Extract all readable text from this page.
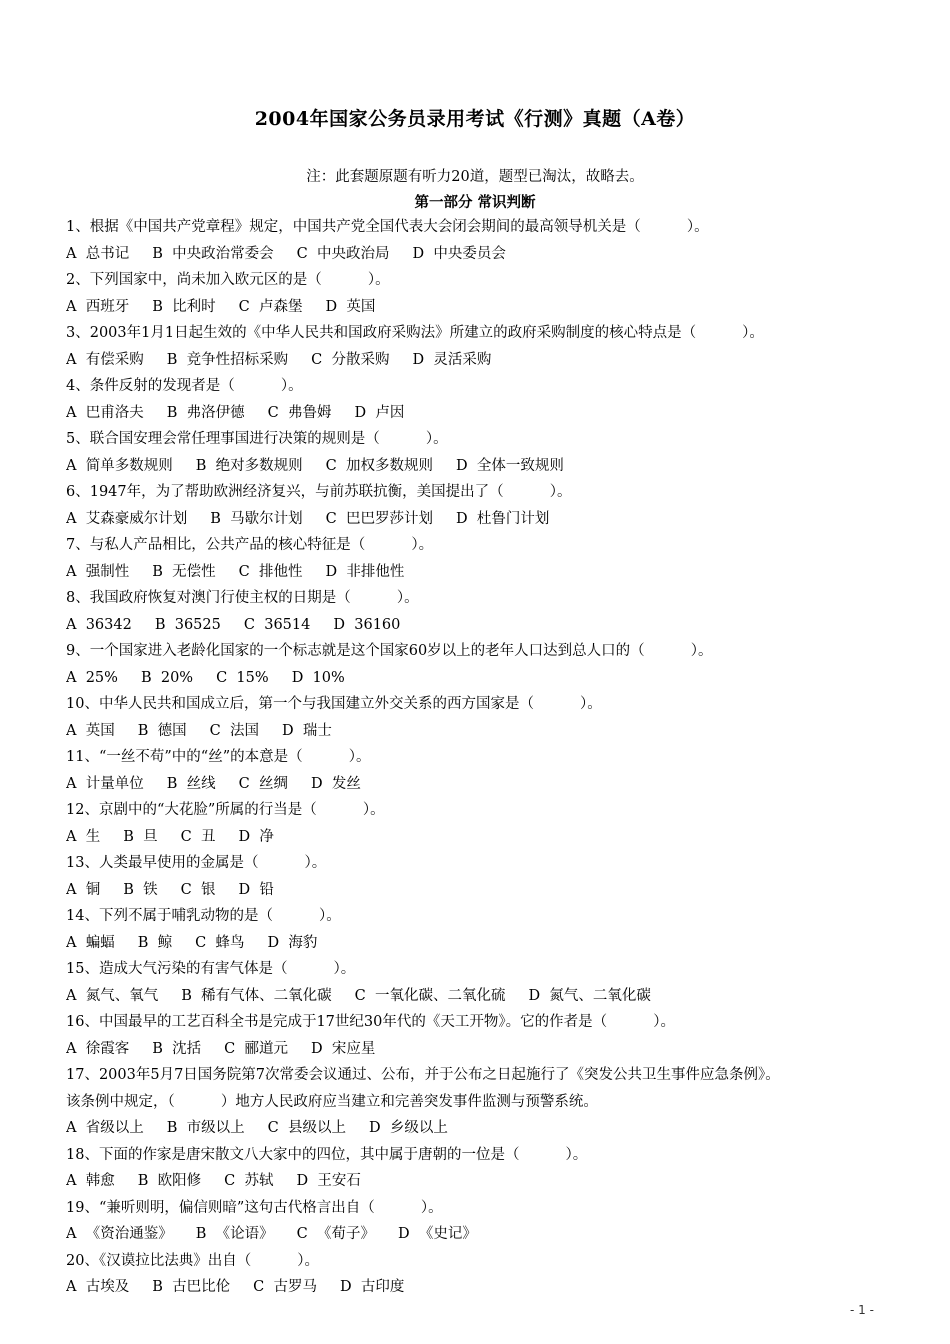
2004年国家公务员录用考试《行测》真题（A卷）
注：此套题原题有听力20道，题型已淘汰，故略去。
第一部分 常识判断
1、根据《中国共产党章程》规定，中国共产党全国代表大会闭会期间的最高领导机关是（          ）。
A  总书记     B  中央政治常委会     C  中央政治局     D  中央委员会
2、下列国家中，尚未加入欧元区的是（          ）。
A  西班牙     B  比利时     C  卢森堡     D  英国
3、2003年1月1日起生效的《中华人民共和国政府采购法》所建立的政府采购制度的核心特点是（          ）。
A  有偿采购     B  竞争性招标采购     C  分散采购     D  灵活采购
4、条件反射的发现者是（          ）。
A  巴甫洛夫     B  弗洛伊德     C  弗鲁姆     D  卢因
5、联合国安理会常任理事国进行决策的规则是（          ）。
A  简单多数规则     B  绝对多数规则     C  加权多数规则     D  全体一致规则
6、1947年，为了帮助欧洲经济复兴，与前苏联抗衡，美国提出了（          ）。
A  艾森豪威尔计划     B  马歇尔计划     C  巴巴罗莎计划     D  杜鲁门计划
7、与私人产品相比，公共产品的核心特征是（          ）。
A  强制性     B  无偿性     C  排他性     D  非排他性
8、我国政府恢复对澳门行使主权的日期是（          ）。
A  36342     B  36525     C  36514     D  36160
9、一个国家进入老龄化国家的一个标志就是这个国家60岁以上的老年人口达到总人口的（          ）。
A  25%     B  20%     C  15%     D  10%
10、中华人民共和国成立后，第一个与我国建立外交关系的西方国家是（          ）。
A  英国     B  德国     C  法国     D  瑞士
11、“一丝不苟”中的“丝”的本意是（          ）。
A  计量单位     B  丝线     C  丝绸     D  发丝
12、京剧中的“大花脸”所属的行当是（          ）。
A  生     B  旦     C  丑     D  净
13、人类最早使用的金属是（          ）。
A  铜     B  铁     C  银     D  铅
14、下列不属于哺乳动物的是（          ）。
A  蝙蝠     B  鲸     C  蜂鸟     D  海豹
15、造成大气污染的有害气体是（          ）。
A  氮气、氧气     B  稀有气体、二氧化碳     C  一氧化碳、二氧化硫     D  氮气、二氧化碳
16、中国最早的工艺百科全书是完成于17世纪30年代的《天工开物》。它的作者是（          ）。
A  徐霞客     B  沈括     C  郦道元     D  宋应星
17、2003年5月7日国务院第7次常委会议通过、公布，并于公布之日起施行了《突发公共卫生事件应急条例》。
该条例中规定，（          ）地方人民政府应当建立和完善突发事件监测与预警系统。
A  省级以上     B  市级以上     C  县级以上     D  乡级以上
18、下面的作家是唐宋散文八大家中的四位，其中属于唐朝的一位是（          ）。
A  韩愈     B  欧阳修     C  苏轼     D  王安石
19、“兼听则明，偏信则暗”这句古代格言出自（          ）。
A  《资治通鉴》     B  《论语》     C  《荀子》     D  《史记》
20、《汉谟拉比法典》出自（          ）。
A  古埃及     B  古巴比伦     C  古罗马     D  古印度
- 1 -
